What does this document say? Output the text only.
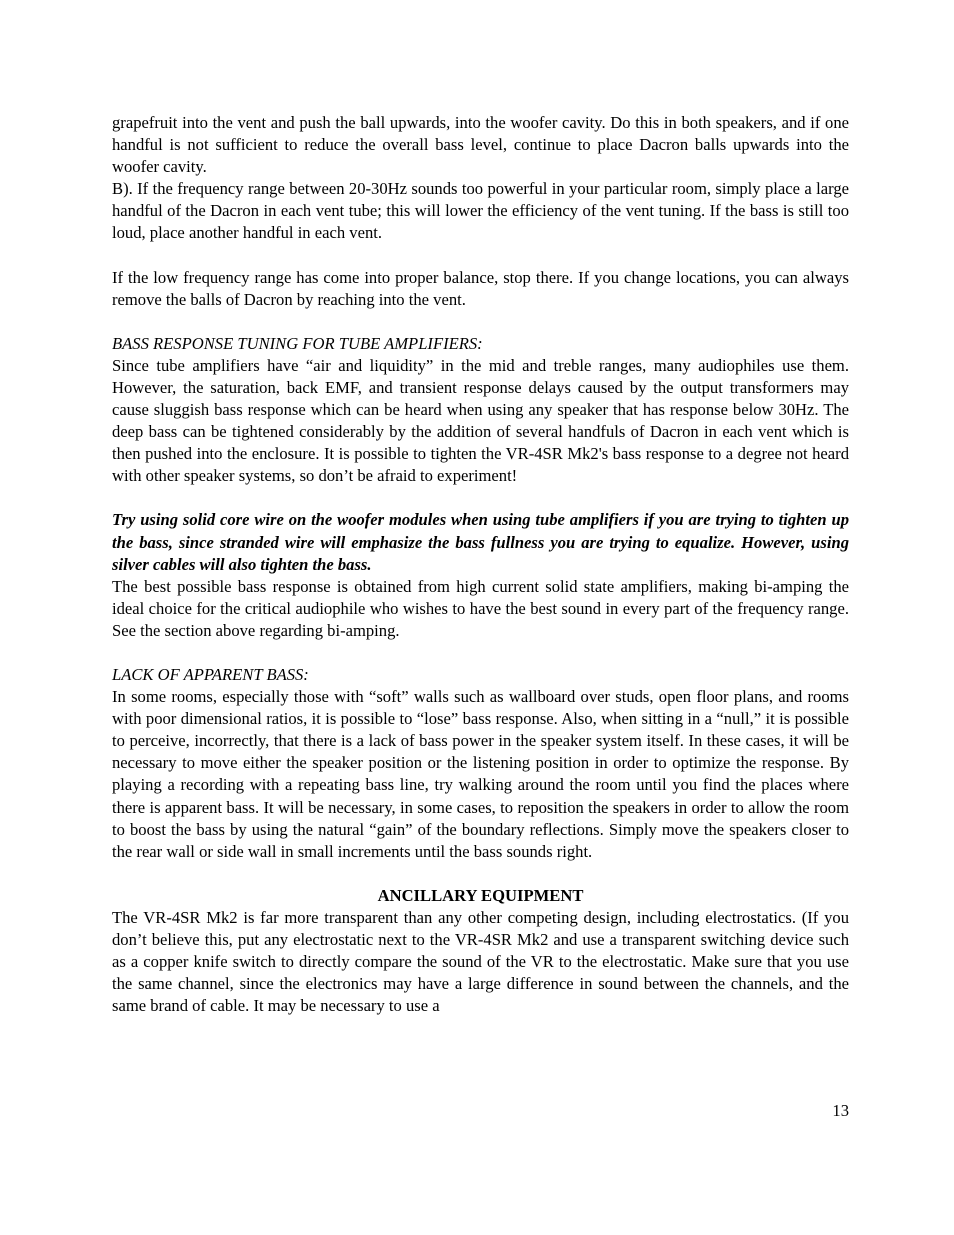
grapefruit into the vent and push the ball upwards, into the woofer cavity. Do this in both speakers, and if one handful is not sufficient to reduce the overall bass level, continue to place Dacron balls upwards into the woofer cavity.

B). If the frequency range between 20-30Hz sounds too powerful in your particular room, simply place a large handful of the Dacron in each vent tube; this will lower the efficiency of the vent tuning. If the bass is still too loud, place another handful in each vent.

If the low frequency range has come into proper balance, stop there. If you change locations, you can always remove the balls of Dacron by reaching into the vent.

BASS RESPONSE TUNING FOR TUBE AMPLIFIERS:

Since tube amplifiers have “air and liquidity” in the mid and treble ranges, many audiophiles use them. However, the saturation, back EMF, and transient response delays caused by the output transformers may cause sluggish bass response which can be heard when using any speaker that has response below 30Hz. The deep bass can be tightened considerably by the addition of several handfuls of Dacron in each vent which is then pushed into the enclosure. It is possible to tighten the VR-4SR Mk2's bass response to a degree not heard with other speaker systems, so don’t be afraid to experiment!

Try using solid core wire on the woofer modules when using tube amplifiers if you are trying to tighten up the bass, since stranded wire will emphasize the bass fullness you are trying to equalize. However, using silver cables will also tighten the bass.

The best possible bass response is obtained from high current solid state amplifiers, making bi-amping the ideal choice for the critical audiophile who wishes to have the best sound in every part of the frequency range. See the section above regarding bi-amping.

LACK OF APPARENT BASS:

In some rooms, especially those with “soft” walls such as wallboard over studs, open floor plans, and rooms with poor dimensional ratios, it is possible to “lose” bass response. Also, when sitting in a “null,” it is possible to perceive, incorrectly, that there is a lack of bass power in the speaker system itself. In these cases, it will be necessary to move either the speaker position or the listening position in order to optimize the response. By playing a recording with a repeating bass line, try walking around the room until you find the places where there is apparent bass. It will be necessary, in some cases, to reposition the speakers in order to allow the room to boost the bass by using the natural “gain” of the boundary reflections. Simply move the speakers closer to the rear wall or side wall in small increments until the bass sounds right.

ANCILLARY EQUIPMENT

The VR-4SR Mk2 is far more transparent than any other competing design, including electrostatics. (If you don’t believe this, put any electrostatic next to the VR-4SR Mk2 and use a transparent switching device such as a copper knife switch to directly compare the sound of the VR to the electrostatic. Make sure that you use the same channel, since the electronics may have a large difference in sound between the channels, and the same brand of cable. It may be necessary to use a

13
